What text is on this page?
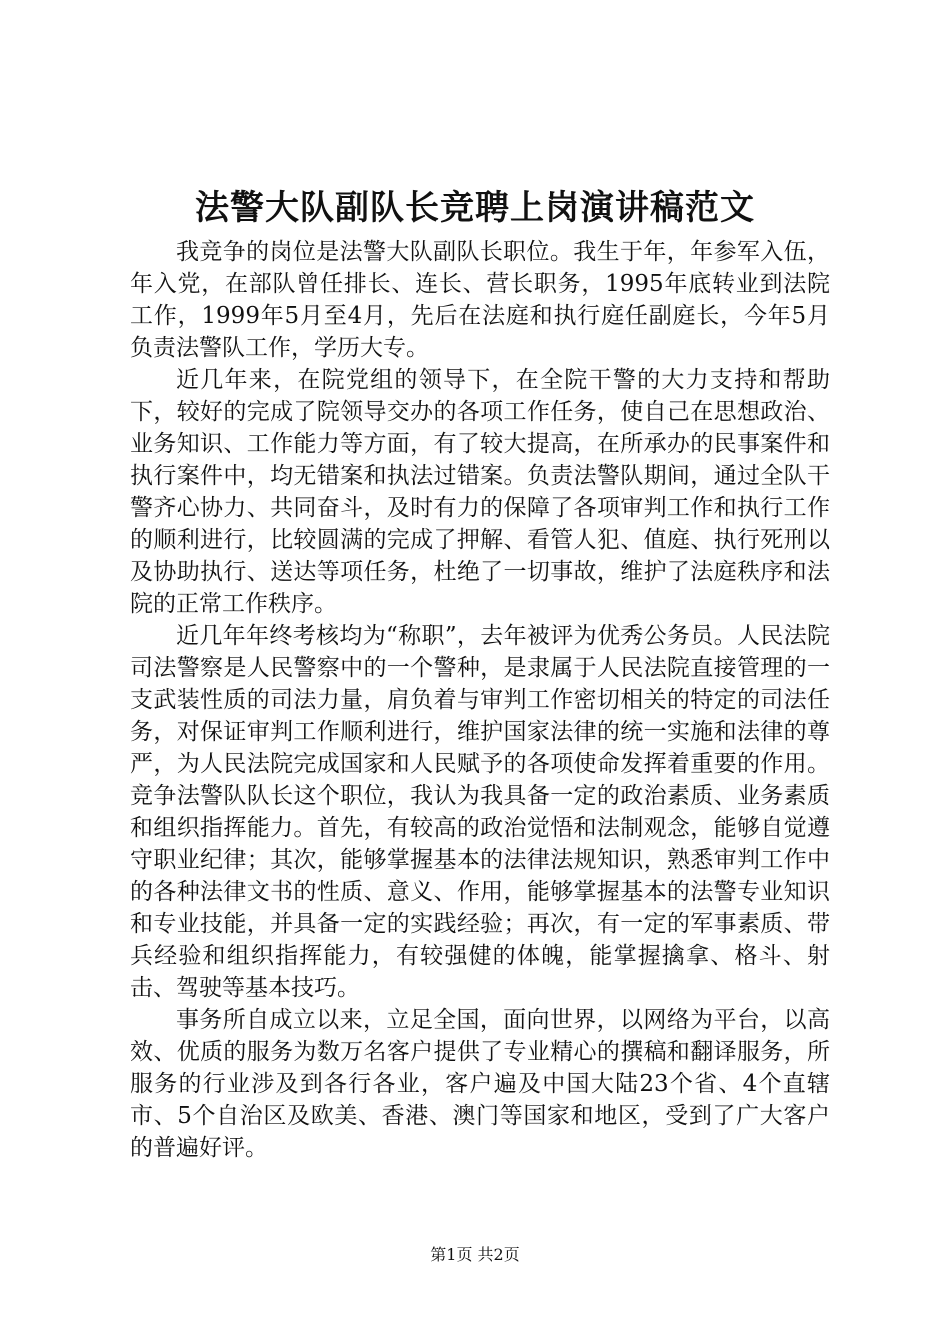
法警大队副队长竞聘上岗演讲稿范文

我竞争的岗位是法警大队副队长职位。我生于年，年参军入伍，年入党，在部队曾任排长、连长、营长职务，1995年底转业到法院工作，1999年5月至4月，先后在法庭和执行庭任副庭长，今年5月负责法警队工作，学历大专。

近几年来，在院党组的领导下，在全院干警的大力支持和帮助下，较好的完成了院领导交办的各项工作任务，使自己在思想政治、业务知识、工作能力等方面，有了较大提高，在所承办的民事案件和执行案件中，均无错案和执法过错案。负责法警队期间，通过全队干警齐心协力、共同奋斗，及时有力的保障了各项审判工作和执行工作的顺利进行，比较圆满的完成了押解、看管人犯、值庭、执行死刑以及协助执行、送达等项任务，杜绝了一切事故，维护了法庭秩序和法院的正常工作秩序。

近几年年终考核均为“称职”，去年被评为优秀公务员。人民法院司法警察是人民警察中的一个警种，是隶属于人民法院直接管理的一支武装性质的司法力量，肩负着与审判工作密切相关的特定的司法任务，对保证审判工作顺利进行，维护国家法律的统一实施和法律的尊严，为人民法院完成国家和人民赋予的各项使命发挥着重要的作用。竞争法警队队长这个职位，我认为我具备一定的政治素质、业务素质和组织指挥能力。首先，有较高的政治觉悟和法制观念，能够自觉遵守职业纪律；其次，能够掌握基本的法律法规知识，熟悉审判工作中的各种法律文书的性质、意义、作用，能够掌握基本的法警专业知识和专业技能，并具备一定的实践经验；再次，有一定的军事素质、带兵经验和组织指挥能力，有较强健的体魄，能掌握擒拿、格斗、射击、驾驶等基本技巧。

事务所自成立以来，立足全国，面向世界，以网络为平台，以高效、优质的服务为数万名客户提供了专业精心的撰稿和翻译服务，所服务的行业涉及到各行各业，客户遍及中国大陆23个省、4个直辖市、5个自治区及欧美、香港、澳门等国家和地区，受到了广大客户的普遍好评。

第1页 共2页
